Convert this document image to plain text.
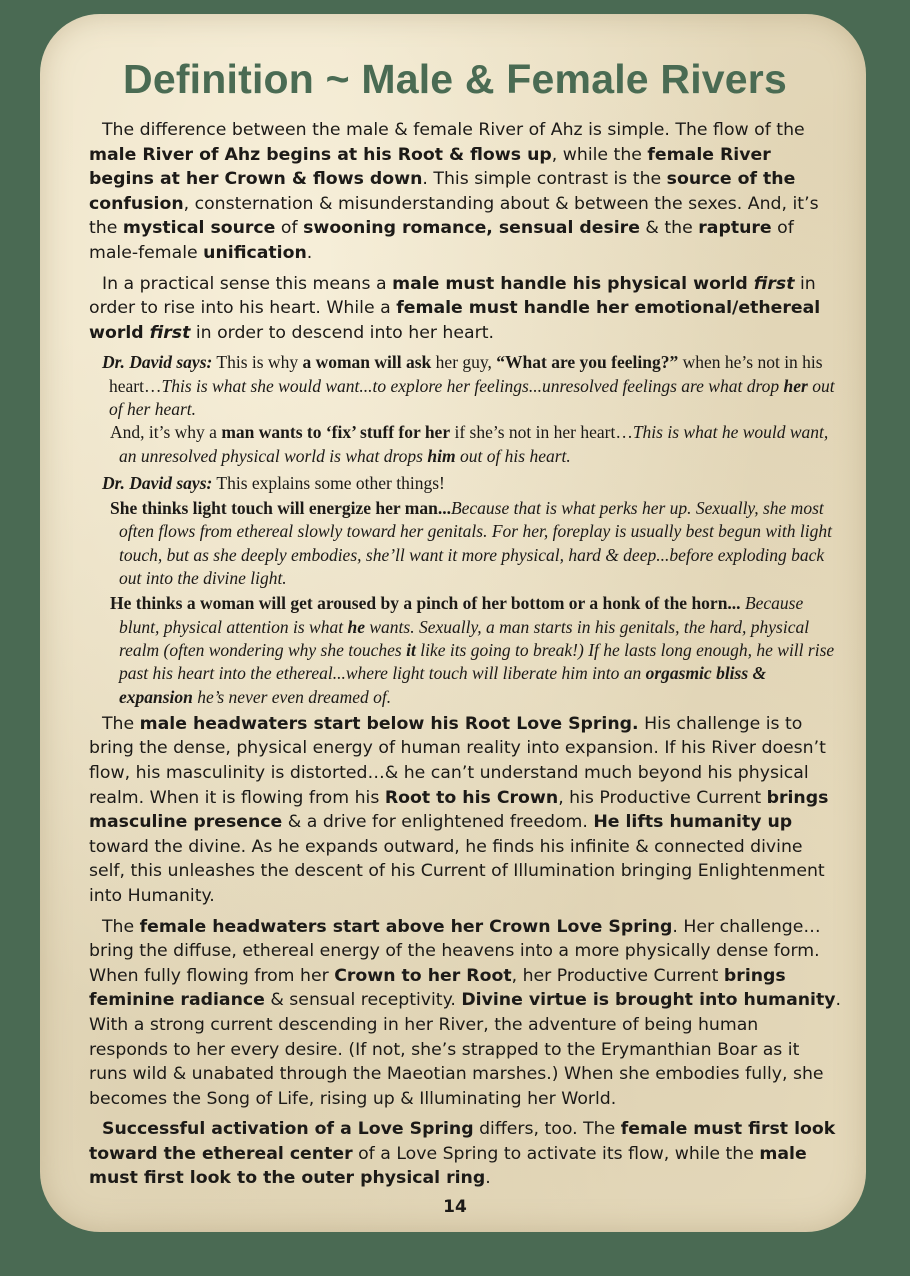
Definition ~ Male & Female Rivers

The difference between the male & female River of Ahz is simple. The flow of the male River of Ahz begins at his Root & flows up, while the female River begins at her Crown & flows down. This simple contrast is the source of the confusion, consternation & misunderstanding about & between the sexes. And, it’s the mystical source of swooning romance, sensual desire & the rapture of male-female unification.

In a practical sense this means a male must handle his physical world first in order to rise into his heart. While a female must handle her emotional/ethereal world first in order to descend into her heart.

Dr. David says: This is why a woman will ask her guy, “What are you feeling?” when he’s not in his heart…This is what she would want...to explore her feelings...unresolved feelings are what drop her out of her heart.

And, it’s why a man wants to ‘fix’ stuff for her if she’s not in her heart…This is what he would want, an unresolved physical world is what drops him out of his heart.

Dr. David says: This explains some other things!

She thinks light touch will energize her man...Because that is what perks her up. Sexually, she most often flows from ethereal slowly toward her genitals. For her, foreplay is usually best begun with light touch, but as she deeply embodies, she’ll want it more physical, hard & deep...before exploding back out into the divine light.

He thinks a woman will get aroused by a pinch of her bottom or a honk of the horn... Because blunt, physical attention is what he wants. Sexually, a man starts in his genitals, the hard, physical realm (often wondering why she touches it like its going to break!) If he lasts long enough, he will rise past his heart into the ethereal...where light touch will liberate him into an orgasmic bliss & expansion he’s never even dreamed of.

The male headwaters start below his Root Love Spring. His challenge is to bring the dense, physical energy of human reality into expansion. If his River doesn’t flow, his masculinity is distorted…& he can’t understand much beyond his physical realm. When it is flowing from his Root to his Crown, his Productive Current brings masculine presence & a drive for enlightened freedom. He lifts humanity up toward the divine. As he expands outward, he finds his infinite & connected divine self, this unleashes the descent of his Current of Illumination bringing Enlightenment into Humanity.

The female headwaters start above her Crown Love Spring. Her challenge… bring the diffuse, ethereal energy of the heavens into a more physically dense form. When fully flowing from her Crown to her Root, her Productive Current brings feminine radiance & sensual receptivity. Divine virtue is brought into humanity. With a strong current descending in her River, the adventure of being human responds to her every desire. (If not, she’s strapped to the Erymanthian Boar as it runs wild & unabated through the Maeotian marshes.) When she embodies fully, she becomes the Song of Life, rising up & Illuminating her World.

Successful activation of a Love Spring differs, too. The female must first look toward the ethereal center of a Love Spring to activate its flow, while the male must first look to the outer physical ring.

14
